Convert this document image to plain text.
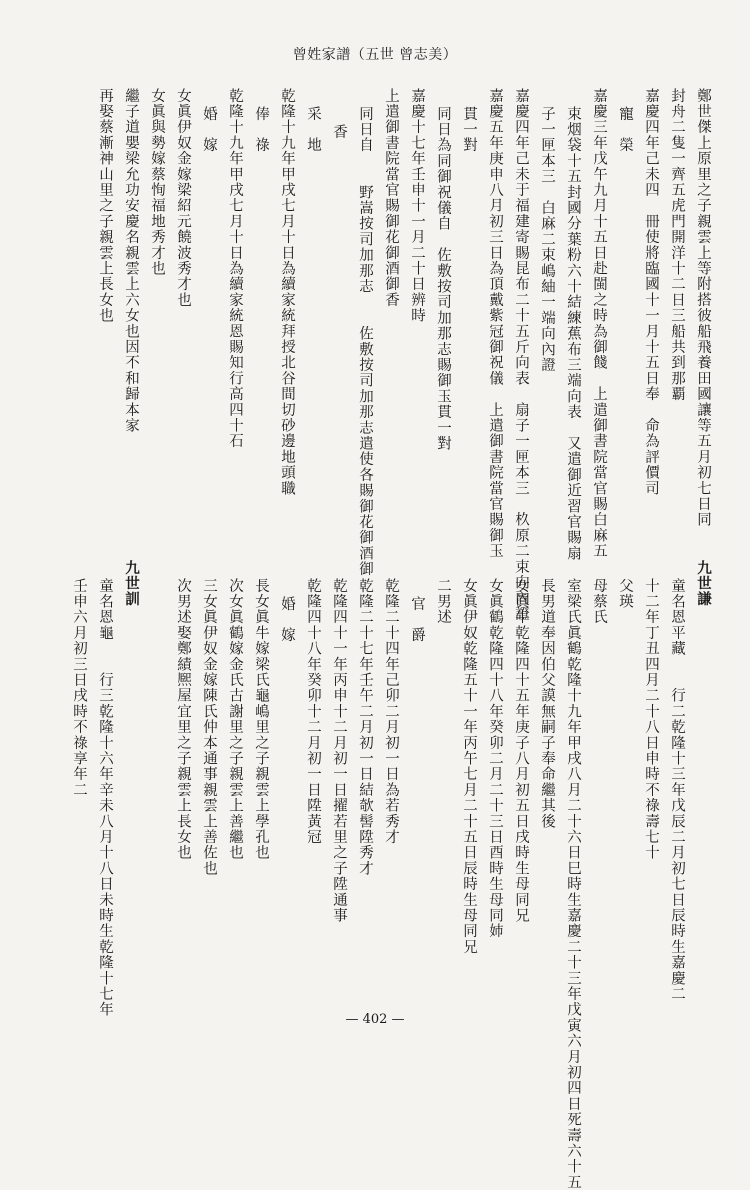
曾姓家譜（五世 曾志美）
鄭世傑上原里之子親雲上等附搭彼船飛養田國讓等五月初七日同
封舟二隻一齊五虎門開洋十二日三船共到那覇
嘉慶四年己未四　冊使將臨國十一月十五日奉　命為評價司
寵　榮
嘉慶三年戊午九月十五日赴閩之時為御餞　上遣御書院當官賜白麻五
束烟袋十五封國分葉粉六十結練蕉布三端向表　又遣御近習官賜扇
子一匣本三　白麻二束嶋紬一端向內證
嘉慶四年己未于福建寄賜昆布二十五斤向表　扇子一匣本三　杦原二束向內證
嘉慶五年庚申八月初三日為頂戴紫冠御祝儀　上遣御書院當官賜御玉
貫一對
同日為同御祝儀自　佐敷按司加那志賜御玉貫一對
嘉慶十七年壬申十一月二十日辨時
上遣御書院當官賜御花御酒御香
同日自　　野嵩按司加那志　　佐敷按司加那志遣使各賜御花御酒御
香
采　地
乾隆十九年甲戌七月十日為續家統拜授北谷間切砂邊地頭職
俸　祿
乾隆十九年甲戌七月十日為續家統恩賜知行高四十石
婚　嫁
女眞伊奴金嫁梁紹元饒波秀才也
女眞與勢嫁蔡恂福地秀才也
繼子道嬰梁允功安慶名親雲上六女也因不和歸本家
再娶蔡漸神山里之子親雲上長女也
九世謙
童名恩平藏　　行二乾隆十三年戊辰二月初七日辰時生嘉慶二
十二年丁丑四月二十八日申時不祿壽七十
父瑛
母蔡氏
室梁氏眞鶴乾隆十九年甲戌八月二十六日巳時生嘉慶二十三年戊寅六月初四日死壽六十五
長男道奉因伯父謨無嗣子奉命繼其後
女眞牛乾隆四十五年庚子八月初五日戌時生母同兄
女眞鶴乾隆四十八年癸卯二月二十三日酉時生母同姉
女眞伊奴乾隆五十一年丙午七月二十五日辰時生母同兄
二男述
官　爵
乾隆二十四年己卯二月初一日為若秀才
乾隆二十七年壬午二月初一日結欹髻陞秀才
乾隆四十一年丙申十二月初一日擢若里之子陞通事
乾隆四十八年癸卯十二月初一日陞黃冠
婚　嫁
長女眞牛嫁梁氏龜嶋里之子親雲上學孔也
次女眞鶴嫁金氏古謝里之子親雲上善繼也
三女眞伊奴金嫁陳氏仲本通事親雲上善佐也
次男述娶鄭績熈屋宜里之子親雲上長女也
九世訓
童名恩龜　　行三乾隆十六年辛未八月十八日未時生乾隆十七年
壬申六月初三日戌時不祿享年二
— 402 —
